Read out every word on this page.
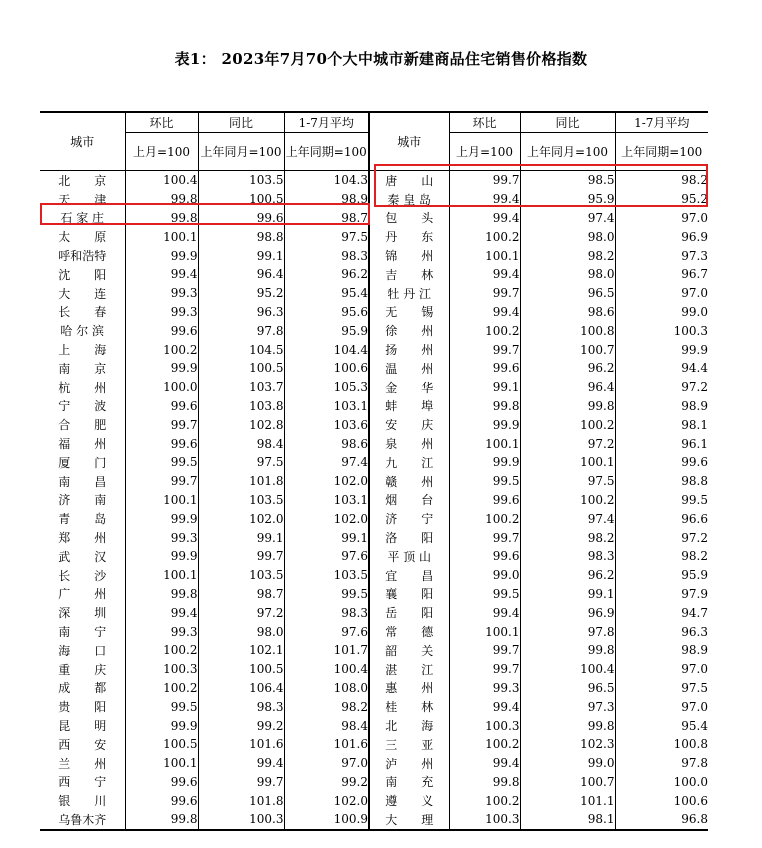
表1： 2023年7月70个大中城市新建商品住宅销售价格指数
城市	环比	同比	1-7月平均	城市	环比	同比	1-7月平均
	上月=100	上年同月=100	上年同期=100		上月=100	上年同月=100	上年同期=100
北　　京	100.4	103.5	104.3	唐　　山	99.7	98.5	98.2
天　　津	99.8	100.5	98.9	秦 皇 岛	99.4	95.9	95.2
石 家 庄	99.8	99.6	98.7	包　　头	99.4	97.4	97.0
太　　原	100.1	98.8	97.5	丹　　东	100.2	98.0	96.9
呼和浩特	99.9	99.1	98.3	锦　　州	100.1	98.2	97.3
沈　　阳	99.4	96.4	96.2	吉　　林	99.4	98.0	96.7
大　　连	99.3	95.2	95.4	牡 丹 江	99.7	96.5	97.0
长　　春	99.3	96.3	95.6	无　　锡	99.4	98.6	99.0
哈 尔 滨	99.6	97.8	95.9	徐　　州	100.2	100.8	100.3
上　　海	100.2	104.5	104.4	扬　　州	99.7	100.7	99.9
南　　京	99.9	100.5	100.6	温　　州	99.6	96.2	94.4
杭　　州	100.0	103.7	105.3	金　　华	99.1	96.4	97.2
宁　　波	99.6	103.8	103.1	蚌　　埠	99.8	99.8	98.9
合　　肥	99.7	102.8	103.6	安　　庆	99.9	100.2	98.1
福　　州	99.6	98.4	98.6	泉　　州	100.1	97.2	96.1
厦　　门	99.5	97.5	97.4	九　　江	99.9	100.1	99.6
南　　昌	99.7	101.8	102.0	赣　　州	99.5	97.5	98.8
济　　南	100.1	103.5	103.1	烟　　台	99.6	100.2	99.5
青　　岛	99.9	102.0	102.0	济　　宁	100.2	97.4	96.6
郑　　州	99.3	99.1	99.1	洛　　阳	99.7	98.2	97.2
武　　汉	99.9	99.7	97.6	平 顶 山	99.6	98.3	98.2
长　　沙	100.1	103.5	103.5	宜　　昌	99.0	96.2	95.9
广　　州	99.8	98.7	99.5	襄　　阳	99.5	99.1	97.9
深　　圳	99.4	97.2	98.3	岳　　阳	99.4	96.9	94.7
南　　宁	99.3	98.0	97.6	常　　德	100.1	97.8	96.3
海　　口	100.2	102.1	101.7	韶　　关	99.7	99.8	98.9
重　　庆	100.3	100.5	100.4	湛　　江	99.7	100.4	97.0
成　　都	100.2	106.4	108.0	惠　　州	99.3	96.5	97.5
贵　　阳	99.5	98.3	98.2	桂　　林	99.4	97.3	97.0
昆　　明	99.9	99.2	98.4	北　　海	100.3	99.8	95.4
西　　安	100.5	101.6	101.6	三　　亚	100.2	102.3	100.8
兰　　州	100.1	99.4	97.0	泸　　州	99.4	99.0	97.8
西　　宁	99.6	99.7	99.2	南　　充	99.8	100.7	100.0
银　　川	99.6	101.8	102.0	遵　　义	100.2	101.1	100.6
乌鲁木齐	99.8	100.3	100.9	大　　理	100.3	98.1	96.8
